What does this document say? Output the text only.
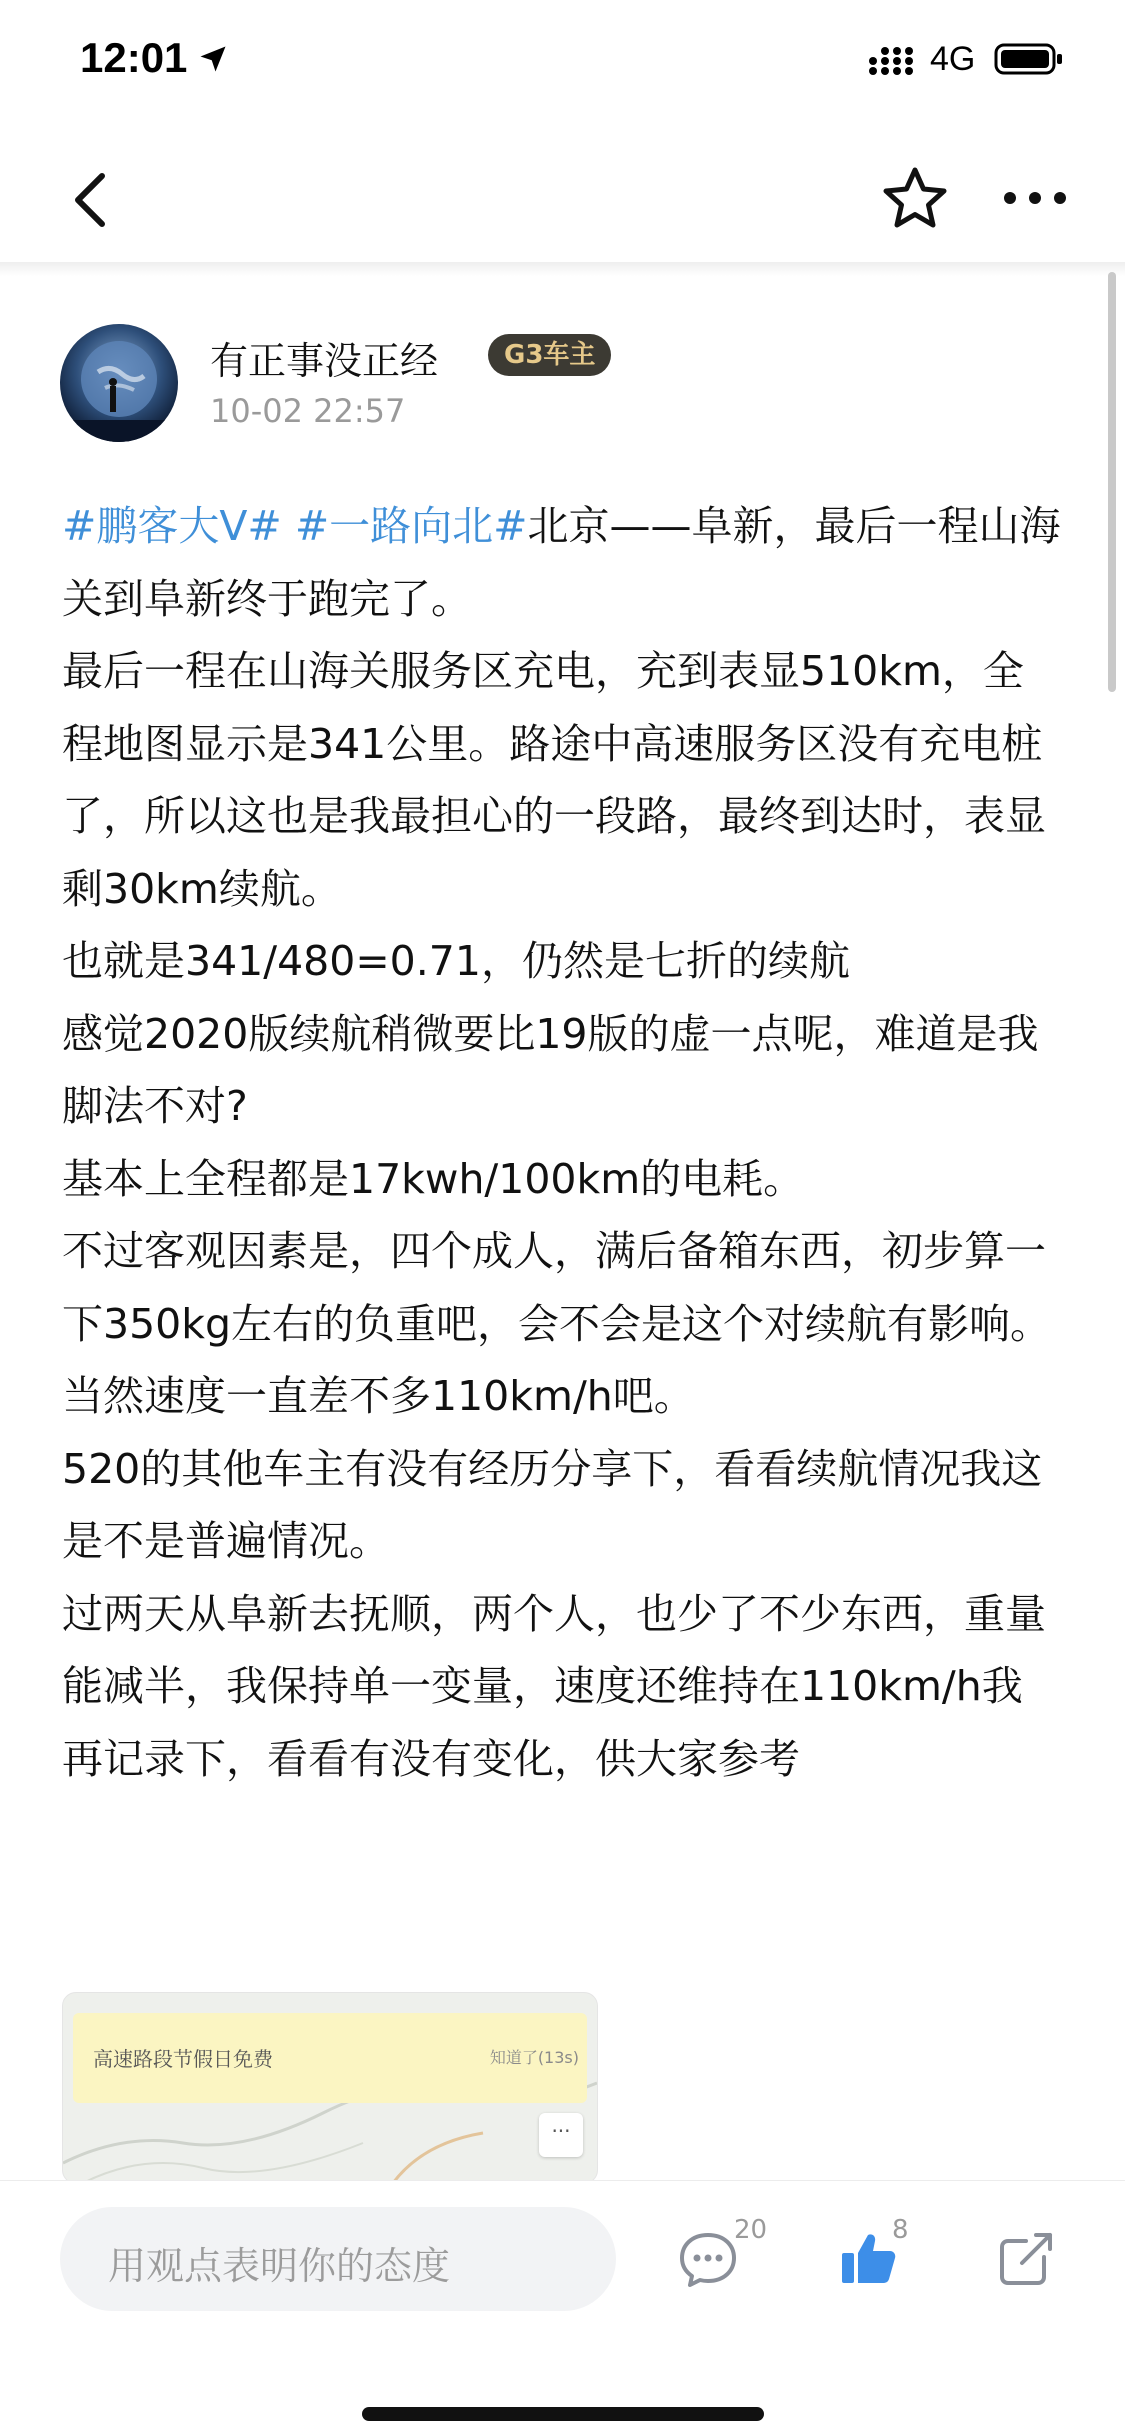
12:01	4G
有正事没正经	G3车主
10-02 22:57

#鹏客大V# #一路向北#北京——阜新，最后一程山海关到阜新终于跑完了。

最后一程在山海关服务区充电，充到表显510km，全程地图显示是341公里。路途中高速服务区没有充电桩了，所以这也是我最担心的一段路，最终到达时，表显剩30km续航。

也就是341/480=0.71，仍然是七折的续航

感觉2020版续航稍微要比19版的虚一点呢，难道是我脚法不对?

基本上全程都是17kwh/100km的电耗。

不过客观因素是，四个成人，满后备箱东西，初步算一下350kg左右的负重吧，会不会是这个对续航有影响。当然速度一直差不多110km/h吧。

520的其他车主有没有经历分享下，看看续航情况我这是不是普遍情况。

过两天从阜新去抚顺，两个人，也少了不少东西，重量能减半，我保持单一变量，速度还维持在110km/h我再记录下，看看有没有变化，供大家参考

高速路段节假日免费	知道了(13s)
···
用观点表明你的态度
20	8
